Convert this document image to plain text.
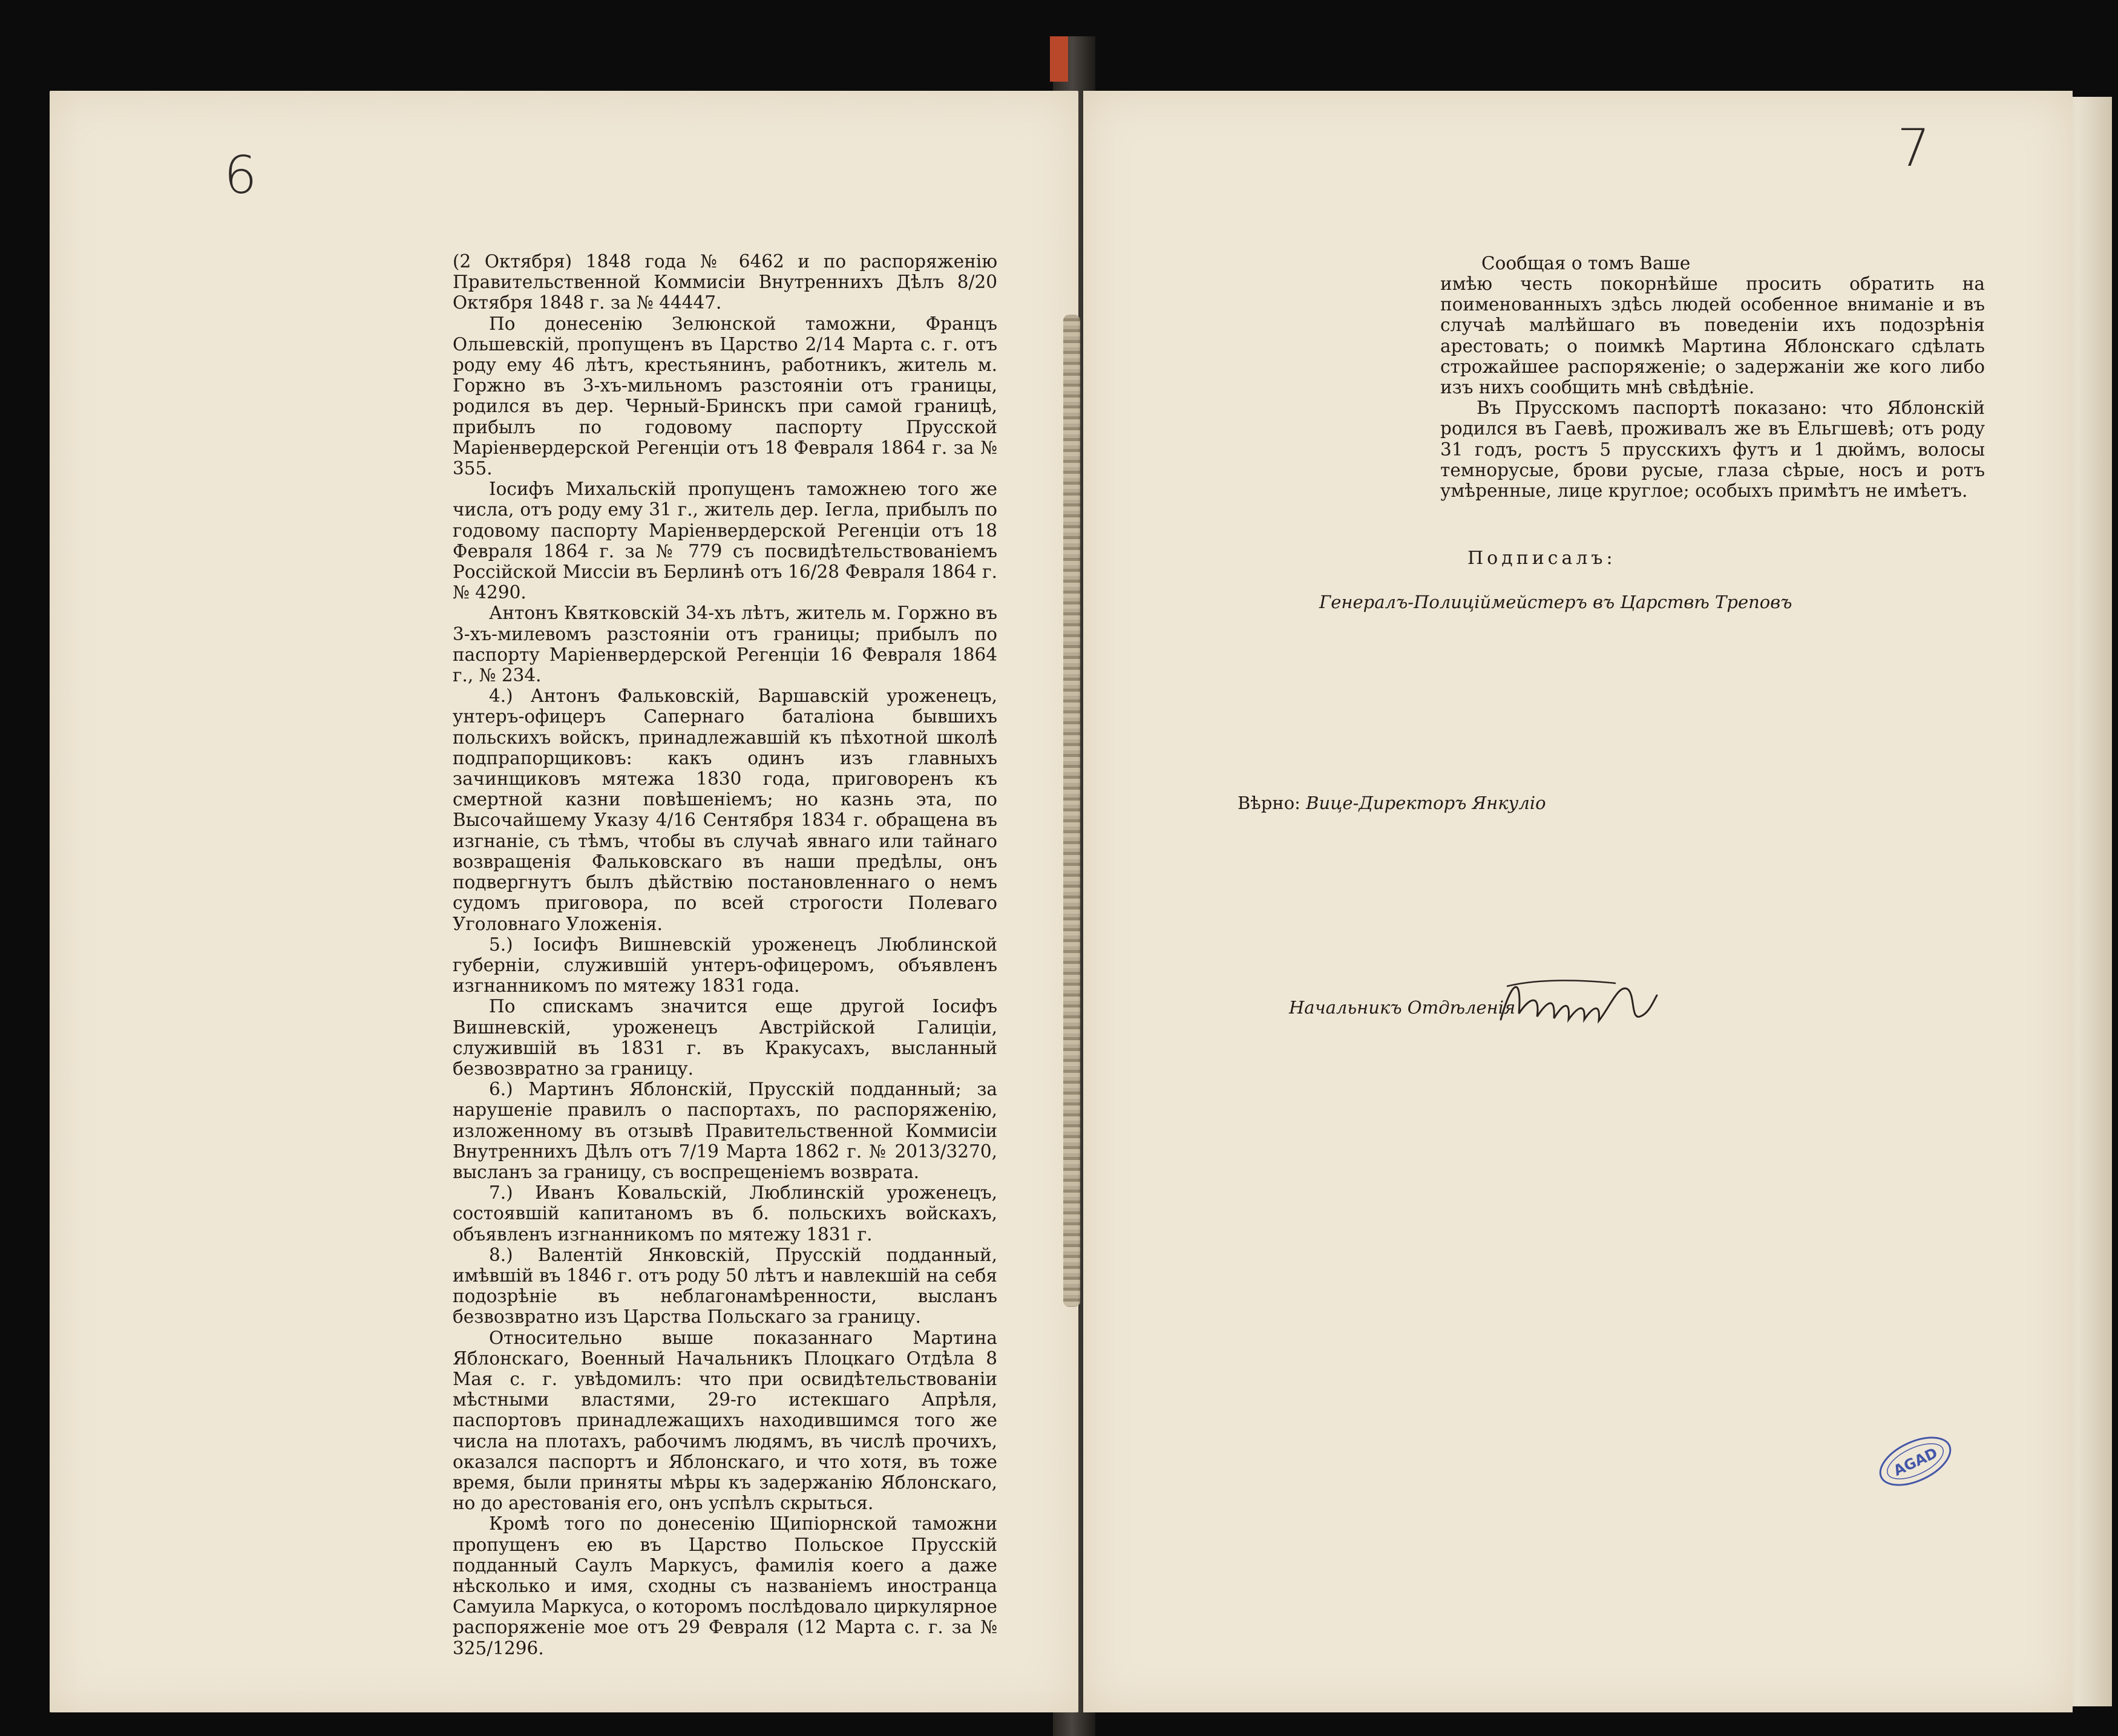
6	7

(2 Октября) 1848 года № 6462 и по распоряженію Правительственной Коммисіи Внутреннихъ Дѣлъ 8/20 Октября 1848 г. за № 44447.

По донесенію Зелюнской таможни, Францъ Ольшевскій, пропущенъ въ Царство 2/14 Марта с. г. отъ роду ему 46 лѣтъ, крестьянинъ, работникъ, житель м. Горжно въ 3-хъ-мильномъ разстояніи отъ границы, родился въ дер. Черный-Бринскъ при самой границѣ, прибылъ по годовому паспорту Прусской Маріенвердерской Регенціи отъ 18 Февраля 1864 г. за № 355.

Іосифъ Михальскій пропущенъ таможнею того же числа, отъ роду ему 31 г., житель дер. Іегла, прибылъ по годовому паспорту Маріенвердерской Регенціи отъ 18 Февраля 1864 г. за № 779 съ посвидѣтельствованіемъ Россійской Миссіи въ Берлинѣ отъ 16/28 Февраля 1864 г. № 4290.

Антонъ Квятковскій 34-хъ лѣтъ, житель м. Горжно въ 3-хъ-милевомъ разстояніи отъ границы; прибылъ по паспорту Маріенвердерской Регенціи 16 Февраля 1864 г., № 234.

4.) Антонъ Фальковскій, Варшавскій уроженецъ, унтеръ-офицеръ Сапернаго баталіона бывшихъ польскихъ войскъ, принадлежавшій къ пѣхотной школѣ подпрапорщиковъ: какъ одинъ изъ главныхъ зачинщиковъ мятежа 1830 года, приговоренъ къ смертной казни повѣшеніемъ; но казнь эта, по Высочайшему Указу 4/16 Сентября 1834 г. обращена въ изгнаніе, съ тѣмъ, чтобы въ случаѣ явнаго или тайнаго возвращенія Фальковскаго въ наши предѣлы, онъ подвергнутъ былъ дѣйствію постановленнаго о немъ судомъ приговора, по всей строгости Полеваго Уголовнаго Уложенія.

5.) Іосифъ Вишневскій уроженецъ Люблинской губерніи, служившій унтеръ-офицеромъ, объявленъ изгнанникомъ по мятежу 1831 года.

По спискамъ значится еще другой Іосифъ Вишневскій, уроженецъ Австрійской Галиціи, служившій въ 1831 г. въ Кракусахъ, высланный безвозвратно за границу.

6.) Мартинъ Яблонскій, Прусскій подданный; за нарушеніе правилъ о паспортахъ, по распоряженію, изложенному въ отзывѣ Правительственной Коммисіи Внутреннихъ Дѣлъ отъ 7/19 Марта 1862 г. № 2013/3270, высланъ за границу, съ воспрещеніемъ возврата.

7.) Иванъ Ковальскій, Люблинскій уроженецъ, состоявшій капитаномъ въ б. польскихъ войскахъ, объявленъ изгнанникомъ по мятежу 1831 г.

8.) Валентій Янковскій, Прусскій подданный, имѣвшій въ 1846 г. отъ роду 50 лѣтъ и навлекшій на себя подозрѣніе въ неблагонамѣренности, высланъ безвозвратно изъ Царства Польскаго за границу.

Относительно выше показаннаго Мартина Яблонскаго, Военный Начальникъ Плоцкаго Отдѣла 8 Мая с. г. увѣдомилъ: что при освидѣтельствованіи мѣстными властями, 29-го истекшаго Апрѣля, паспортовъ принадлежащихъ находившимся того же числа на плотахъ, рабочимъ людямъ, въ числѣ прочихъ, оказался паспортъ и Яблонскаго, и что хотя, въ тоже время, были приняты мѣры къ задержанію Яблонскаго, но до арестованія его, онъ успѣлъ скрыться.

Кромѣ того по донесенію Щипіорнской таможни пропущенъ ею въ Царство Польское Прусскій подданный Саулъ Маркусъ, фамилія коего а даже нѣсколько и имя, сходны съ названіемъ иностранца Самуила Маркуса, о которомъ послѣдовало циркулярное распоряженіе мое отъ 29 Февраля (12 Марта с. г. за № 325/1296.

Сообщая о томъ Ваше

имѣю честь покорнѣйше просить обратить на поименованныхъ здѣсь людей особенное вниманіе и въ случаѣ малѣйшаго въ поведеніи ихъ подозрѣнія арестовать; о поимкѣ Мартина Яблонскаго сдѣлать строжайшее распоряженіе; о задержаніи же кого либо изъ нихъ сообщить мнѣ свѣдѣніе.

Въ Прусскомъ паспортѣ показано: что Яблонскій родился въ Гаевѣ, проживалъ же въ Ельгшевѣ; отъ роду 31 годъ, ростъ 5 прусскихъ футъ и 1 дюймъ, волосы темнорусые, брови русые, глаза сѣрые, носъ и ротъ умѣренные, лице круглое; особыхъ примѣтъ не имѣетъ.

Подписалъ:
Генералъ-Полиціймейстеръ въ Царствѣ Треповъ
Вѣрно: Вице-Директоръ Янкуліо
Начальникъ Отдѣленія
AGAD
